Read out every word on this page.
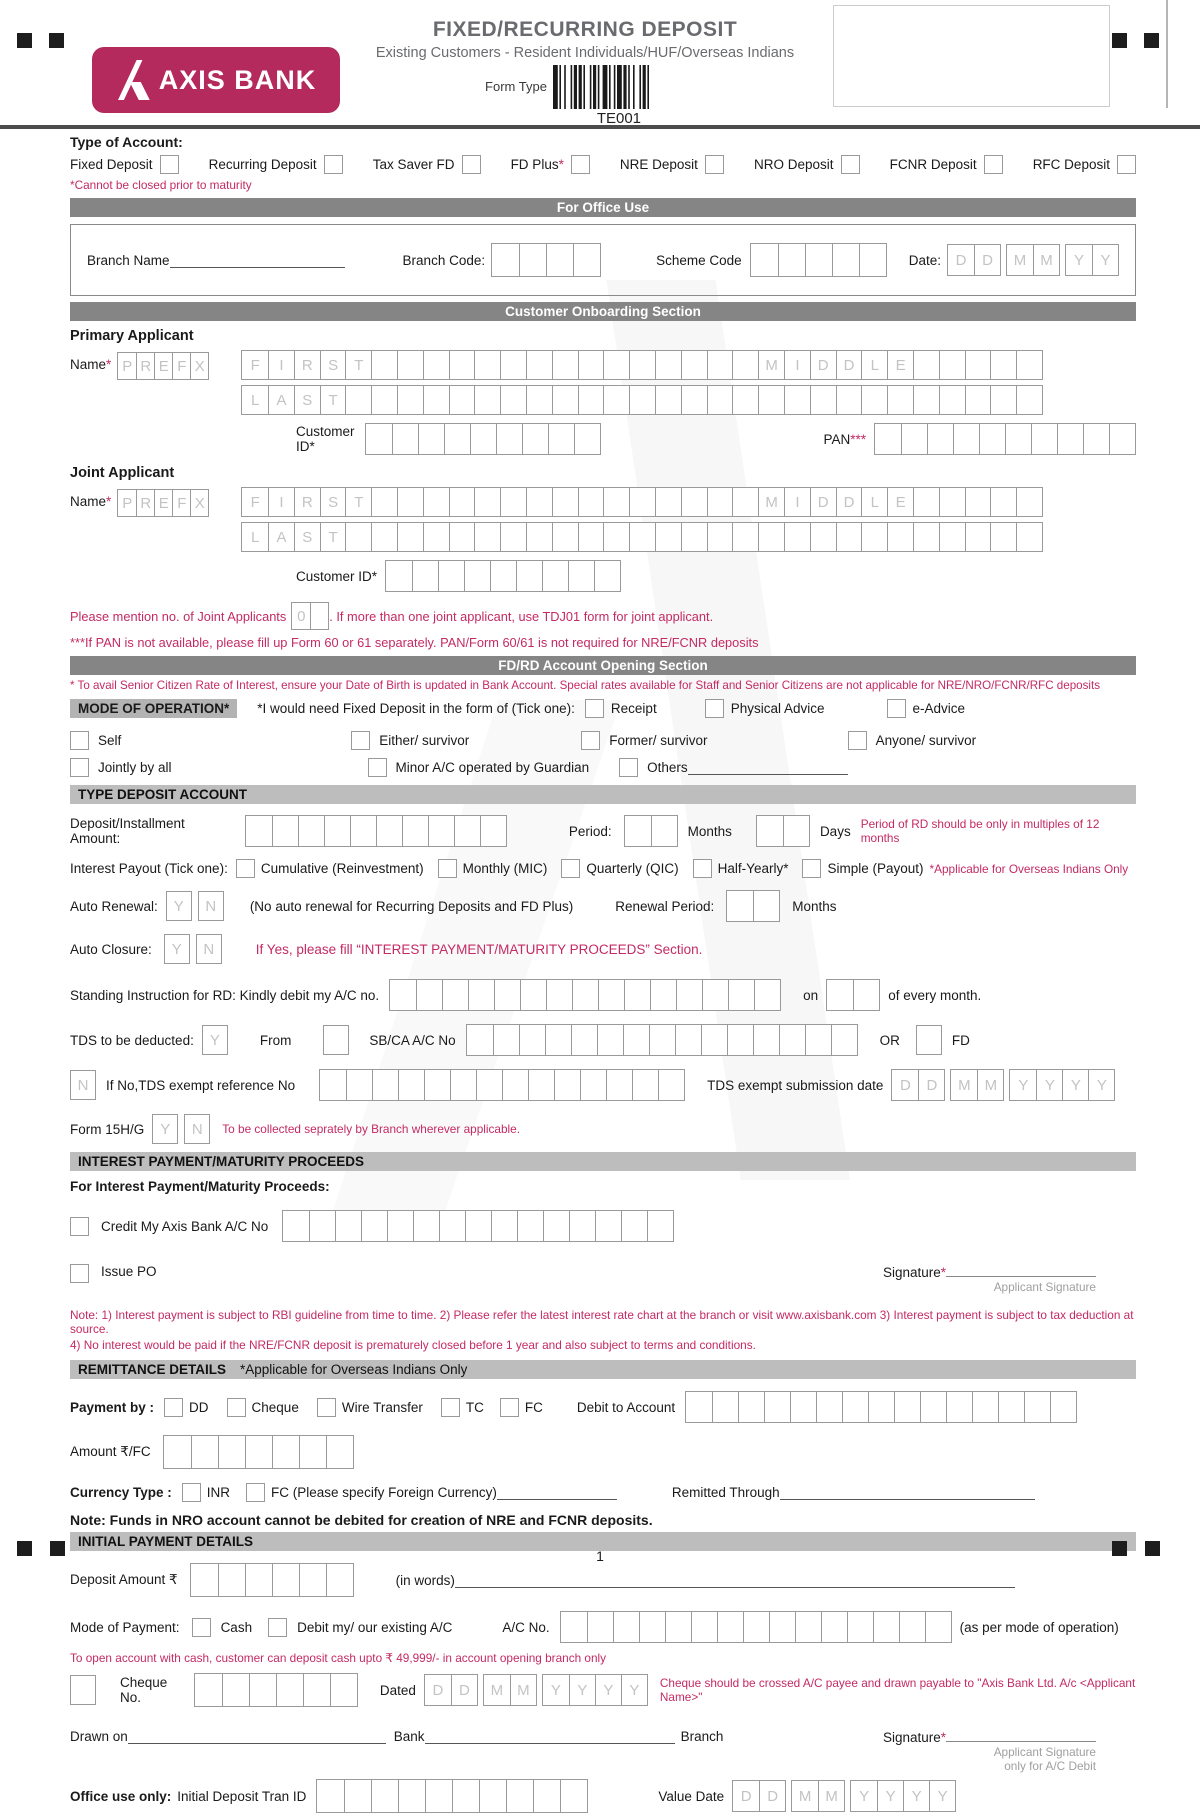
AXIS BANK
FIXED/RECURRING DEPOSIT
Existing Customers - Resident Individuals/HUF/Overseas Indians
Form Type
TE001
Type of Account:
Fixed Deposit	Recurring Deposit	Tax Saver FD	FD Plus*	NRE Deposit	NRO Deposit	FCNR Deposit	RFC Deposit
*Cannot be closed prior to maturity
For Office Use
Branch Name	Branch Code:	Scheme Code	Date: D	D	M M	Y	Y
Customer Onboarding Section
Primary Applicant
Name* P R E F X	F	I	R	S	T	M	I	D D	L	E

L	A	S	T
Customer ID*	PAN***
Joint Applicant
Name* P R E F X	F	I	R	S	T	M	I	D D	L	E

L	A	S	T
Customer ID*
Please mention no. of Joint Applicants 0	. If more than one joint applicant, use TDJ01 form for joint applicant.
***If PAN is not available, please fill up Form 60 or 61 separately. PAN/Form 60/61 is not required for NRE/FCNR deposits
FD/RD Account Opening Section
* To avail Senior Citizen Rate of Interest, ensure your Date of Birth is updated in Bank Account. Special rates available for Staff and Senior Citizens are not applicable for NRE/NRO/FCNR/RFC deposits
MODE OF OPERATION*	*I would need Fixed Deposit in the form of (Tick one):	Receipt	Physical Advice	e-Advice
Self	Either/ survivor	Former/ survivor	Anyone/ survivor
Jointly by all	Minor A/C operated by Guardian	Others
TYPE DEPOSIT ACCOUNT
Deposit/Installment Amount:	Period:	Months	Days Period of RD should be only in multiples of 12 months
Interest Payout (Tick one): Cumulative (Reinvestment)	Monthly (MIC)	Quarterly (QIC)	Half-Yearly*	Simple (Payout) *Applicable for Overseas Indians Only
Auto Renewal:	Y	N	(No auto renewal for Recurring Deposits and FD Plus)	Renewal Period:	Months
Auto Closure:	Y	N	If Yes, please fill “INTEREST PAYMENT/MATURITY PROCEEDS” Section.
Standing Instruction for RD: Kindly debit my A/C no.	on	of every month.
TDS to be deducted:	Y	From	SB/CA A/C No	OR	FD
N	If No,TDS exempt reference No	TDS exempt submission date	D	D	M M	Y	Y	Y	Y
Form 15H/G	Y	N	To be collected seprately by Branch wherever applicable.
INTEREST PAYMENT/MATURITY PROCEEDS
For Interest Payment/Maturity Proceeds:
Credit My Axis Bank A/C No
Issue PO	Signature*
Applicant Signature
Note: 1) Interest payment is subject to RBI guideline from time to time. 2) Please refer the latest interest rate chart at the branch or visit www.axisbank.com 3) Interest payment is subject to tax deduction at source.
4) No interest would be paid if the NRE/FCNR deposit is prematurely closed before 1 year and also subject to terms and conditions.
REMITTANCE DETAILS *Applicable for Overseas Indians Only
Payment by :	DD	Cheque	Wire Transfer	TC	FC	Debit to Account
Amount ₹/FC
Currency Type :	INR	FC (Please specify Foreign Currency)	Remitted Through
Note: Funds in NRO account cannot be debited for creation of NRE and FCNR deposits.
INITIAL PAYMENT DETAILS
Deposit Amount ₹	(in words)
Mode of Payment:	Cash	Debit my/ our existing A/C	A/C No.	(as per mode of operation)
To open account with cash, customer can deposit cash upto ₹ 49,999/- in account opening branch only
Cheque No.	Dated	D	D	M M	Y	Y	Y	Y	Cheque should be crossed A/C payee and drawn payable to "Axis Bank Ltd. A/c <Applicant Name>"
Drawn on	Bank	Branch	Signature*
Applicant Signature
only for A/C Debit
Office use only: Initial Deposit Tran ID	Value Date	D	D	M M	Y	Y	Y	Y
1
